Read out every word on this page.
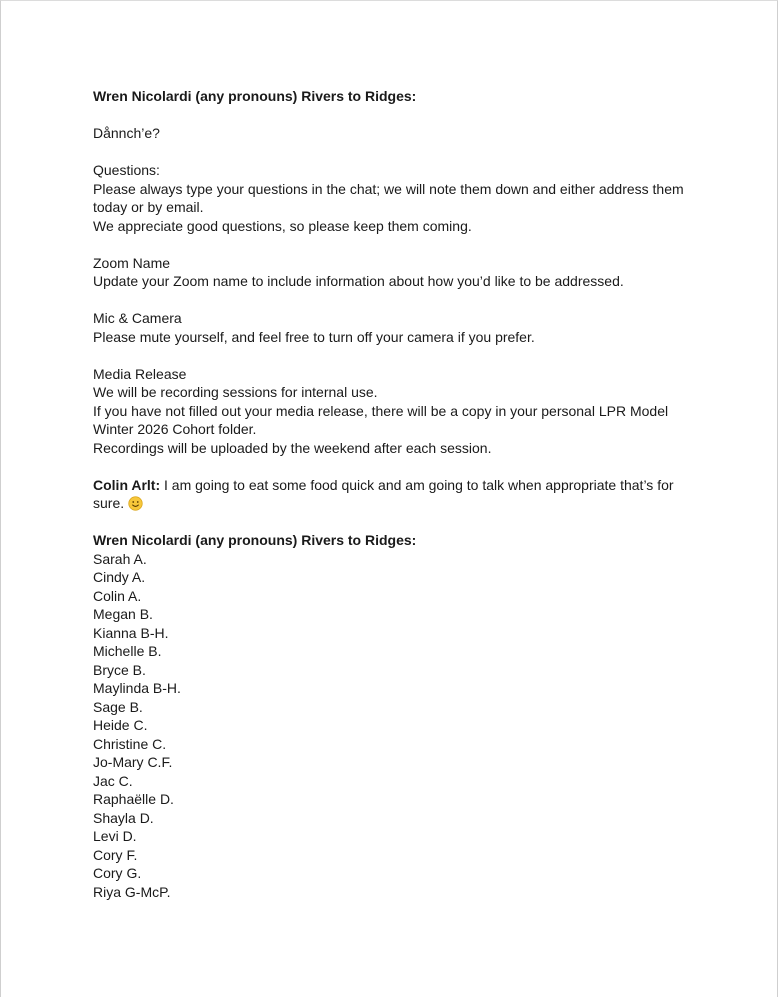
Wren Nicolardi (any pronouns) Rivers to Ridges:
Dånnch’e?
Questions:
Please always type your questions in the chat; we will note them down and either address them today or by email.
We appreciate good questions, so please keep them coming.
Zoom Name
Update your Zoom name to include information about how you’d like to be addressed.
Mic & Camera
Please mute yourself, and feel free to turn off your camera if you prefer.
Media Release
We will be recording sessions for internal use.
If you have not filled out your media release, there will be a copy in your personal LPR Model Winter 2026 Cohort folder.
Recordings will be uploaded by the weekend after each session.
Colin Arlt: I am going to eat some food quick and am going to talk when appropriate that’s for sure.
Wren Nicolardi (any pronouns) Rivers to Ridges:
Sarah A.
Cindy A.
Colin A.
Megan B.
Kianna B-H.
Michelle B.
Bryce B.
Maylinda B-H.
Sage B.
Heide C.
Christine C.
Jo-Mary C.F.
Jac C.
Raphaëlle D.
Shayla D.
Levi D.
Cory F.
Cory G.
Riya G-McP.
